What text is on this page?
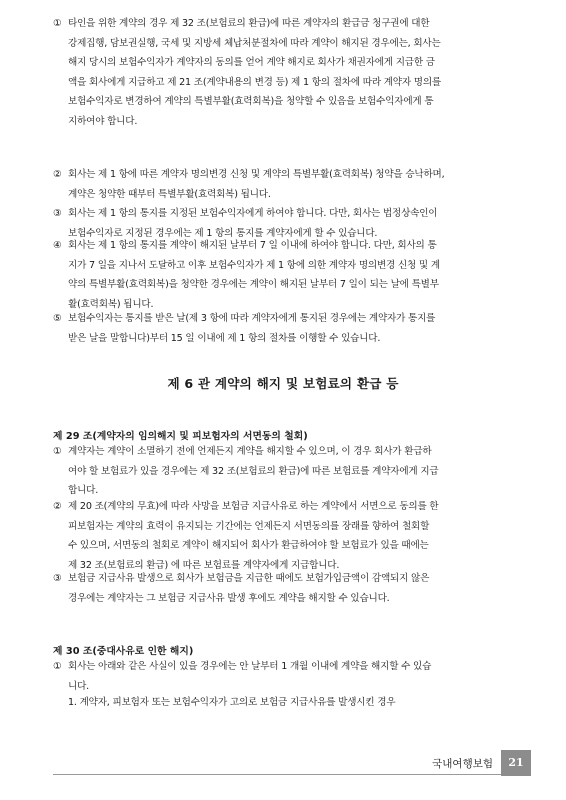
① 타인을 위한 계약의 경우 제 32 조(보험료의 환급)에 따른 계약자의 환급금 청구권에 대한
강제집행, 담보권실행, 국세 및 지방세 체납처분절차에 따라 계약이 해지된 경우에는, 회사는
해지 당시의 보험수익자가 계약자의 동의를 얻어 계약 해지로 회사가 채권자에게 지급한 금
액을 회사에게 지급하고 제 21 조(계약내용의 변경 등) 제 1 항의 절차에 따라 계약자 명의를
보험수익자로 변경하여 계약의 특별부활(효력회복)을 청약할 수 있음을 보험수익자에게 통
지하여야 합니다.
② 회사는 제 1 항에 따른 계약자 명의변경 신청 및 계약의 특별부활(효력회복) 청약을 승낙하며,
계약은 청약한 때부터 특별부활(효력회복) 됩니다.
③ 회사는 제 1 항의 통지를 지정된 보험수익자에게 하여야 합니다. 다만, 회사는 법정상속인이
보험수익자로 지정된 경우에는 제 1 항의 통지를 계약자에게 할 수 있습니다.
④ 회사는 제 1 항의 통지를 계약이 해지된 날부터 7 일 이내에 하여야 합니다. 다만, 회사의 통
지가 7 일을 지나서 도달하고 이후 보험수익자가 제 1 항에 의한 계약자 명의변경 신청 및 계
약의 특별부활(효력회복)을 청약한 경우에는 계약이 해지된 날부터 7 일이 되는 날에 특별부
활(효력회복) 됩니다.
⑤ 보험수익자는 통지를 받은 날(제 3 항에 따라 계약자에게 통지된 경우에는 계약자가 통지를
받은 날을 말합니다)부터 15 일 이내에 제 1 항의 절차를 이행할 수 있습니다.
제 6 관 계약의 해지 및 보험료의 환급 등
제 29 조(계약자의 임의해지 및 피보험자의 서면동의 철회)
① 계약자는 계약이 소멸하기 전에 언제든지 계약을 해지할 수 있으며, 이 경우 회사가 환급하
여야 할 보험료가 있을 경우에는 제 32 조(보험료의 환급)에 따른 보험료를 계약자에게 지급
합니다.
② 제 20 조(계약의 무효)에 따라 사망을 보험금 지급사유로 하는 계약에서 서면으로 동의를 한
피보험자는 계약의 효력이 유지되는 기간에는 언제든지 서면동의를 장래를 향하여 철회할
수 있으며, 서면동의 철회로 계약이 해지되어 회사가 환급하여야 할 보험료가 있을 때에는
제 32 조(보험료의 환급) 에 따른 보험료를 계약자에게 지급합니다.
③ 보험금 지급사유 발생으로 회사가 보험금을 지급한 때에도 보험가입금액이 감액되지 않은
경우에는 계약자는 그 보험금 지급사유 발생 후에도 계약을 해지할 수 있습니다.
제 30 조(중대사유로 인한 해지)
① 회사는 아래와 같은 사실이 있을 경우에는 안 날부터 1 개월 이내에 계약을 해지할 수 있습
니다.
1. 계약자, 피보험자 또는 보험수익자가 고의로 보험금 지급사유를 발생시킨 경우
국내여행보험	21
